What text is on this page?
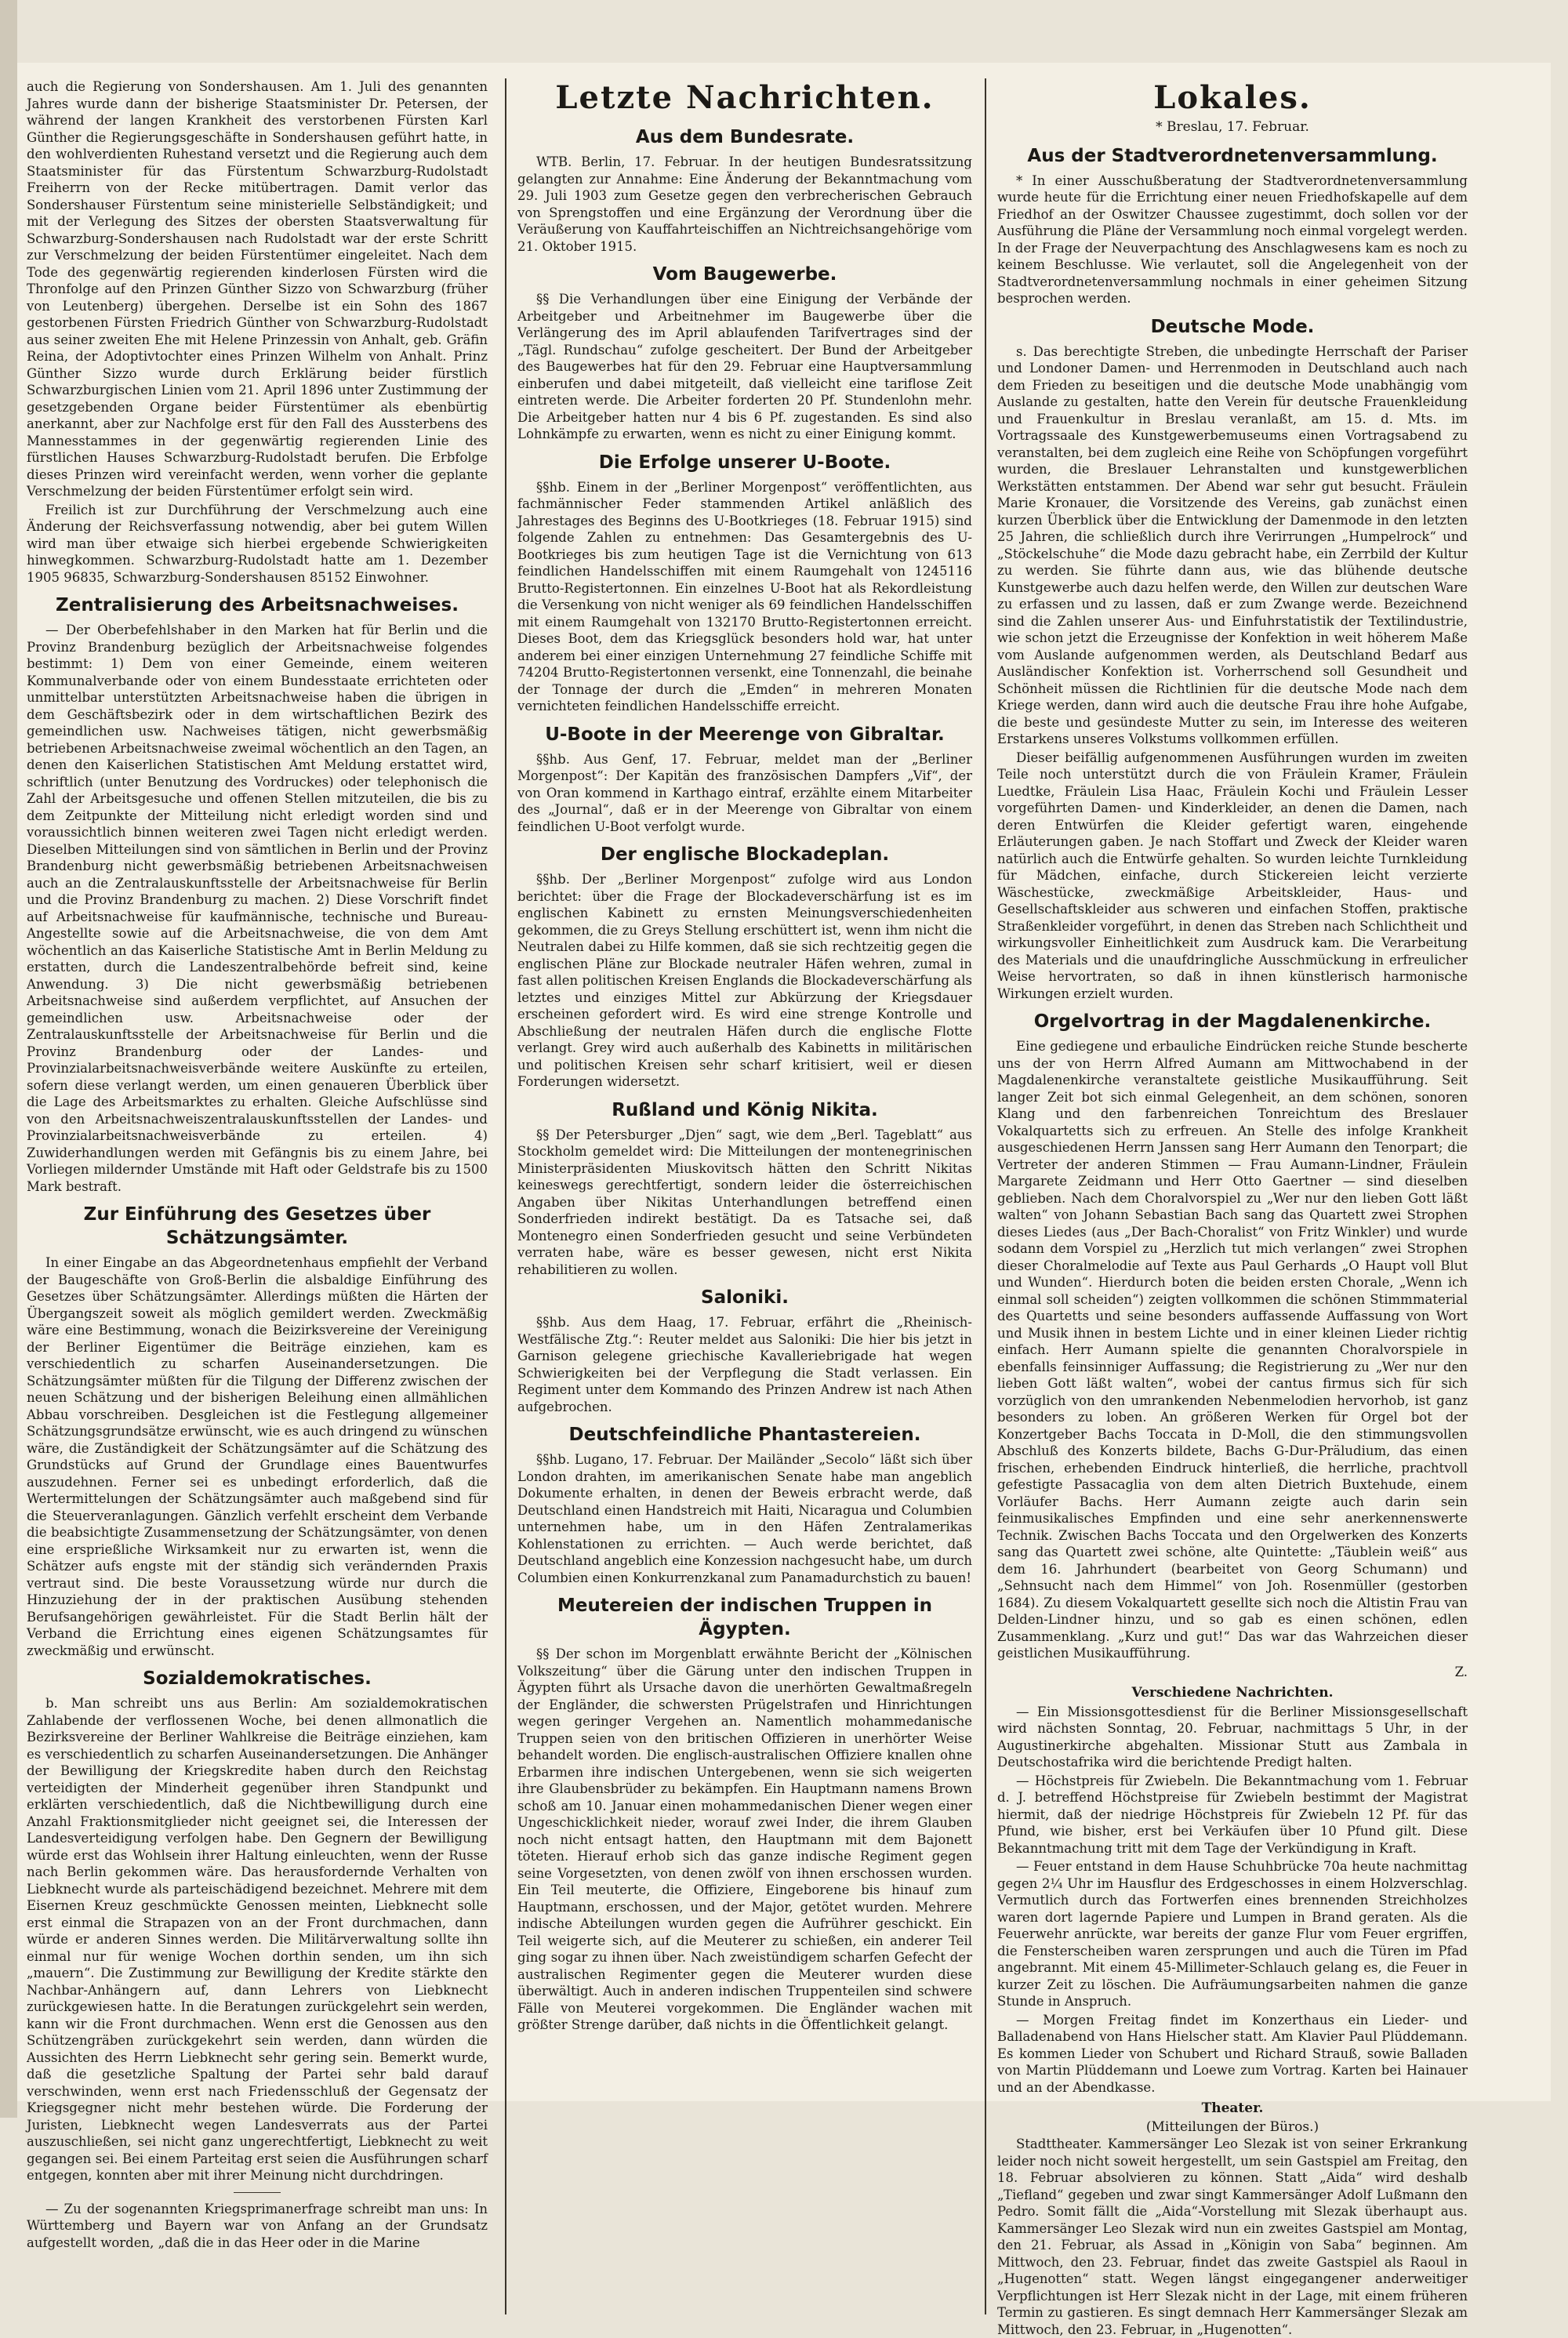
auch die Regierung von Sondershausen. Am 1. Juli des genannten Jahres wurde dann der bisherige Staatsminister Dr. Petersen, der während der langen Krankheit des verstorbenen Fürsten Karl Günther die Regierungsgeschäfte in Sondershausen geführt hatte, in den wohlverdienten Ruhestand versetzt und die Regierung auch dem Staatsminister für das Fürstentum Schwarzburg-Rudolstadt Freiherrn von der Recke mitübertragen. Damit verlor das Sondershauser Fürstentum seine ministerielle Selbständigkeit; und mit der Verlegung des Sitzes der obersten Staatsverwaltung für Schwarzburg-Sondershausen nach Rudolstadt war der erste Schritt zur Verschmelzung der beiden Fürstentümer eingeleitet. Nach dem Tode des gegenwärtig regierenden kinderlosen Fürsten wird die Thronfolge auf den Prinzen Günther Sizzo von Schwarzburg (früher von Leutenberg) übergehen. Derselbe ist ein Sohn des 1867 gestorbenen Fürsten Friedrich Günther von Schwarzburg-Rudolstadt aus seiner zweiten Ehe mit Helene Prinzessin von Anhalt, geb. Gräfin Reina, der Adoptivtochter eines Prinzen Wilhelm von Anhalt. Prinz Günther Sizzo wurde durch Erklärung beider fürstlich Schwarzburgischen Linien vom 21. April 1896 unter Zustimmung der gesetzgebenden Organe beider Fürstentümer als ebenbürtig anerkannt, aber zur Nachfolge erst für den Fall des Aussterbens des Mannesstammes in der gegenwärtig regierenden Linie des fürstlichen Hauses Schwarzburg-Rudolstadt berufen. Die Erbfolge dieses Prinzen wird vereinfacht werden, wenn vorher die geplante Verschmelzung der beiden Fürstentümer erfolgt sein wird.

Freilich ist zur Durchführung der Verschmelzung auch eine Änderung der Reichsverfassung notwendig, aber bei gutem Willen wird man über etwaige sich hierbei ergebende Schwierigkeiten hinwegkommen. Schwarzburg-Rudolstadt hatte am 1. Dezember 1905 96835, Schwarzburg-Sondershausen 85152 Einwohner.

Zentralisierung des Arbeitsnachweises.

— Der Oberbefehlshaber in den Marken hat für Berlin und die Provinz Brandenburg bezüglich der Arbeitsnachweise folgendes bestimmt: 1) Dem von einer Gemeinde, einem weiteren Kommunalverbande oder von einem Bundesstaate errichteten oder unmittelbar unterstützten Arbeitsnachweise haben die übrigen in dem Geschäftsbezirk oder in dem wirtschaftlichen Bezirk des gemeindlichen usw. Nachweises tätigen, nicht gewerbsmäßig betriebenen Arbeitsnachweise zweimal wöchentlich an den Tagen, an denen den Kaiserlichen Statistischen Amt Meldung erstattet wird, schriftlich (unter Benutzung des Vordruckes) oder telephonisch die Zahl der Arbeitsgesuche und offenen Stellen mitzuteilen, die bis zu dem Zeitpunkte der Mitteilung nicht erledigt worden sind und voraussichtlich binnen weiteren zwei Tagen nicht erledigt werden. Dieselben Mitteilungen sind von sämtlichen in Berlin und der Provinz Brandenburg nicht gewerbsmäßig betriebenen Arbeitsnachweisen auch an die Zentralauskunftsstelle der Arbeitsnachweise für Berlin und die Provinz Brandenburg zu machen. 2) Diese Vorschrift findet auf Arbeitsnachweise für kaufmännische, technische und Bureau-Angestellte sowie auf die Arbeitsnachweise, die von dem Amt wöchentlich an das Kaiserliche Statistische Amt in Berlin Meldung zu erstatten, durch die Landeszentralbehörde befreit sind, keine Anwendung. 3) Die nicht gewerbsmäßig betriebenen Arbeitsnachweise sind außerdem verpflichtet, auf Ansuchen der gemeindlichen usw. Arbeitsnachweise oder der Zentralauskunftsstelle der Arbeitsnachweise für Berlin und die Provinz Brandenburg oder der Landes- und Provinzialarbeitsnachweisverbände weitere Auskünfte zu erteilen, sofern diese verlangt werden, um einen genaueren Überblick über die Lage des Arbeitsmarktes zu erhalten. Gleiche Aufschlüsse sind von den Arbeitsnachweiszentralauskunftsstellen der Landes- und Provinzialarbeitsnachweisverbände zu erteilen. 4) Zuwiderhandlungen werden mit Gefängnis bis zu einem Jahre, bei Vorliegen mildernder Umstände mit Haft oder Geldstrafe bis zu 1500 Mark bestraft.

Zur Einführung des Gesetzes über Schätzungsämter.

In einer Eingabe an das Abgeordnetenhaus empfiehlt der Verband der Baugeschäfte von Groß-Berlin die alsbaldige Einführung des Gesetzes über Schätzungsämter. Allerdings müßten die Härten der Übergangszeit soweit als möglich gemildert werden. Zweckmäßig wäre eine Bestimmung, wonach die Beizirksvereine der Vereinigung der Berliner Eigentümer die Beiträge einziehen, kam es verschiedentlich zu scharfen Auseinandersetzungen. Die Schätzungsämter müßten für die Tilgung der Differenz zwischen der neuen Schätzung und der bisherigen Beleihung einen allmählichen Abbau vorschreiben. Desgleichen ist die Festlegung allgemeiner Schätzungsgrundsätze erwünscht, wie es auch dringend zu wünschen wäre, die Zuständigkeit der Schätzungsämter auf die Schätzung des Grundstücks auf Grund der Grundlage eines Bauentwurfes auszudehnen. Ferner sei es unbedingt erforderlich, daß die Wertermittelungen der Schätzungsämter auch maßgebend sind für die Steuerveranlagungen. Gänzlich verfehlt erscheint dem Verbande die beabsichtigte Zusammensetzung der Schätzungsämter, von denen eine ersprießliche Wirksamkeit nur zu erwarten ist, wenn die Schätzer aufs engste mit der ständig sich verändernden Praxis vertraut sind. Die beste Voraussetzung würde nur durch die Hinzuziehung der in der praktischen Ausübung stehenden Berufsangehörigen gewährleistet. Für die Stadt Berlin hält der Verband die Errichtung eines eigenen Schätzungsamtes für zweckmäßig und erwünscht.

Sozialdemokratisches.

b. Man schreibt uns aus Berlin: Am sozialdemokratischen Zahlabende der verflossenen Woche, bei denen allmonatlich die Bezirksvereine der Berliner Wahlkreise die Beiträge einziehen, kam es verschiedentlich zu scharfen Auseinandersetzungen. Die Anhänger der Bewilligung der Kriegskredite haben durch den Reichstag verteidigten der Minderheit gegenüber ihren Standpunkt und erklärten verschiedentlich, daß die Nichtbewilligung durch eine Anzahl Fraktionsmitglieder nicht geeignet sei, die Interessen der Landesverteidigung verfolgen habe. Den Gegnern der Bewilligung würde erst das Wohlsein ihrer Haltung einleuchten, wenn der Russe nach Berlin gekommen wäre. Das herausfordernde Verhalten von Liebknecht wurde als parteischädigend bezeichnet. Mehrere mit dem Eisernen Kreuz geschmückte Genossen meinten, Liebknecht solle erst einmal die Strapazen von an der Front durchmachen, dann würde er anderen Sinnes werden. Die Militärverwaltung sollte ihn einmal nur für wenige Wochen dorthin senden, um ihn sich „mauern“. Die Zustimmung zur Bewilligung der Kredite stärkte den Nachbar-Anhängern auf, dann Lehrers von Liebknecht zurückgewiesen hatte. In die Beratungen zurückgelehrt sein werden, kann wir die Front durchmachen. Wenn erst die Genossen aus den Schützengräben zurückgekehrt sein werden, dann würden die Aussichten des Herrn Liebknecht sehr gering sein. Bemerkt wurde, daß die gesetzliche Spaltung der Partei sehr bald darauf verschwinden, wenn erst nach Friedensschluß der Gegensatz der Kriegsgegner nicht mehr bestehen würde. Die Forderung der Juristen, Liebknecht wegen Landesverrats aus der Partei auszuschließen, sei nicht ganz ungerechtfertigt, Liebknecht zu weit gegangen sei. Bei einem Parteitag erst seien die Ausführungen scharf entgegen, konnten aber mit ihrer Meinung nicht durchdringen.

— Zu der sogenannten Kriegsprimanerfrage schreibt man uns: In Württemberg und Bayern war von Anfang an der Grundsatz aufgestellt worden, „daß die in das Heer oder in die Marine

Letzte Nachrichten.
Aus dem Bundesrate.

WTB. Berlin, 17. Februar. In der heutigen Bundesratssitzung gelangten zur Annahme: Eine Änderung der Bekanntmachung vom 29. Juli 1903 zum Gesetze gegen den verbrecherischen Gebrauch von Sprengstoffen und eine Ergänzung der Verordnung über die Veräußerung von Kauffahrteischiffen an Nichtreichsangehörige vom 21. Oktober 1915.

Vom Baugewerbe.

§§ Die Verhandlungen über eine Einigung der Verbände der Arbeitgeber und Arbeitnehmer im Baugewerbe über die Verlängerung des im April ablaufenden Tarifvertrages sind der „Tägl. Rundschau“ zufolge gescheitert. Der Bund der Arbeitgeber des Baugewerbes hat für den 29. Februar eine Hauptversammlung einberufen und dabei mitgeteilt, daß vielleicht eine tariflose Zeit eintreten werde. Die Arbeiter forderten 20 Pf. Stundenlohn mehr. Die Arbeitgeber hatten nur 4 bis 6 Pf. zugestanden. Es sind also Lohnkämpfe zu erwarten, wenn es nicht zu einer Einigung kommt.

Die Erfolge unserer U-Boote.

§§hb. Einem in der „Berliner Morgenpost“ veröffentlichten, aus fachmännischer Feder stammenden Artikel anläßlich des Jahrestages des Beginns des U-Bootkrieges (18. Februar 1915) sind folgende Zahlen zu entnehmen: Das Gesamtergebnis des U-Bootkrieges bis zum heutigen Tage ist die Vernichtung von 613 feindlichen Handelsschiffen mit einem Raumgehalt von 1245116 Brutto-Registertonnen. Ein einzelnes U-Boot hat als Rekordleistung die Versenkung von nicht weniger als 69 feindlichen Handelsschiffen mit einem Raumgehalt von 132170 Brutto-Registertonnen erreicht. Dieses Boot, dem das Kriegsglück besonders hold war, hat unter anderem bei einer einzigen Unternehmung 27 feindliche Schiffe mit 74204 Brutto-Registertonnen versenkt, eine Tonnenzahl, die beinahe der Tonnage der durch die „Emden“ in mehreren Monaten vernichteten feindlichen Handelsschiffe erreicht.

U-Boote in der Meerenge von Gibraltar.

§§hb. Aus Genf, 17. Februar, meldet man der „Berliner Morgenpost“: Der Kapitän des französischen Dampfers „Vif“, der von Oran kommend in Karthago eintraf, erzählte einem Mitarbeiter des „Journal“, daß er in der Meerenge von Gibraltar von einem feindlichen U-Boot verfolgt wurde.

Der englische Blockadeplan.

§§hb. Der „Berliner Morgenpost“ zufolge wird aus London berichtet: über die Frage der Blockadeverschärfung ist es im englischen Kabinett zu ernsten Meinungsverschiedenheiten gekommen, die zu Greys Stellung erschüttert ist, wenn ihm nicht die Neutralen dabei zu Hilfe kommen, daß sie sich rechtzeitig gegen die englischen Pläne zur Blockade neutraler Häfen wehren, zumal in fast allen politischen Kreisen Englands die Blockadeverschärfung als letztes und einziges Mittel zur Abkürzung der Kriegsdauer erscheinen gefordert wird. Es wird eine strenge Kontrolle und Abschließung der neutralen Häfen durch die englische Flotte verlangt. Grey wird auch außerhalb des Kabinetts in militärischen und politischen Kreisen sehr scharf kritisiert, weil er diesen Forderungen widersetzt.

Rußland und König Nikita.

§§ Der Petersburger „Djen“ sagt, wie dem „Berl. Tageblatt“ aus Stockholm gemeldet wird: Die Mitteilungen der montenegrinischen Ministerpräsidenten Miuskovitsch hätten den Schritt Nikitas keineswegs gerechtfertigt, sondern leider die österreichischen Angaben über Nikitas Unterhandlungen betreffend einen Sonderfrieden indirekt bestätigt. Da es Tatsache sei, daß Montenegro einen Sonderfrieden gesucht und seine Verbündeten verraten habe, wäre es besser gewesen, nicht erst Nikita rehabilitieren zu wollen.

Saloniki.

§§hb. Aus dem Haag, 17. Februar, erfährt die „Rheinisch-Westfälische Ztg.“: Reuter meldet aus Saloniki: Die hier bis jetzt in Garnison gelegene griechische Kavalleriebrigade hat wegen Schwierigkeiten bei der Verpflegung die Stadt verlassen. Ein Regiment unter dem Kommando des Prinzen Andrew ist nach Athen aufgebrochen.

Deutschfeindliche Phantastereien.

§§hb. Lugano, 17. Februar. Der Mailänder „Secolo“ läßt sich über London drahten, im amerikanischen Senate habe man angeblich Dokumente erhalten, in denen der Beweis erbracht werde, daß Deutschland einen Handstreich mit Haiti, Nicaragua und Columbien unternehmen habe, um in den Häfen Zentralamerikas Kohlenstationen zu errichten. — Auch werde berichtet, daß Deutschland angeblich eine Konzession nachgesucht habe, um durch Columbien einen Konkurrenzkanal zum Panamadurchstich zu bauen!

Meutereien der indischen Truppen in Ägypten.

§§ Der schon im Morgenblatt erwähnte Bericht der „Kölnischen Volkszeitung“ über die Gärung unter den indischen Truppen in Ägypten führt als Ursache davon die unerhörten Gewaltmaßregeln der Engländer, die schwersten Prügelstrafen und Hinrichtungen wegen geringer Vergehen an. Namentlich mohammedanische Truppen seien von den britischen Offizieren in unerhörter Weise behandelt worden. Die englisch-australischen Offiziere knallen ohne Erbarmen ihre indischen Untergebenen, wenn sie sich weigerten ihre Glaubensbrüder zu bekämpfen. Ein Hauptmann namens Brown schoß am 10. Januar einen mohammedanischen Diener wegen einer Ungeschicklichkeit nieder, worauf zwei Inder, die ihrem Glauben noch nicht entsagt hatten, den Hauptmann mit dem Bajonett töteten. Hierauf erhob sich das ganze indische Regiment gegen seine Vorgesetzten, von denen zwölf von ihnen erschossen wurden. Ein Teil meuterte, die Offiziere, Eingeborene bis hinauf zum Hauptmann, erschossen, und der Major, getötet wurden. Mehrere indische Abteilungen wurden gegen die Aufrührer geschickt. Ein Teil weigerte sich, auf die Meuterer zu schießen, ein anderer Teil ging sogar zu ihnen über. Nach zweistündigem scharfen Gefecht der australischen Regimenter gegen die Meuterer wurden diese überwältigt. Auch in anderen indischen Truppenteilen sind schwere Fälle von Meuterei vorgekommen. Die Engländer wachen mit größter Strenge darüber, daß nichts in die Öffentlichkeit gelangt.

Lokales.
* Breslau, 17. Februar.
Aus der Stadtverordnetenversammlung.

* In einer Ausschußberatung der Stadtverordnetenversammlung wurde heute für die Errichtung einer neuen Friedhofskapelle auf dem Friedhof an der Oswitzer Chaussee zugestimmt, doch sollen vor der Ausführung die Pläne der Versammlung noch einmal vorgelegt werden. In der Frage der Neuverpachtung des Anschlagwesens kam es noch zu keinem Beschlusse. Wie verlautet, soll die Angelegenheit von der Stadtverordnetenversammlung nochmals in einer geheimen Sitzung besprochen werden.

Deutsche Mode.

s. Das berechtigte Streben, die unbedingte Herrschaft der Pariser und Londoner Damen- und Herrenmoden in Deutschland auch nach dem Frieden zu beseitigen und die deutsche Mode unabhängig vom Auslande zu gestalten, hatte den Verein für deutsche Frauenkleidung und Frauenkultur in Breslau veranlaßt, am 15. d. Mts. im Vortragssaale des Kunstgewerbemuseums einen Vortragsabend zu veranstalten, bei dem zugleich eine Reihe von Schöpfungen vorgeführt wurden, die Breslauer Lehranstalten und kunstgewerblichen Werkstätten entstammen. Der Abend war sehr gut besucht. Fräulein Marie Kronauer, die Vorsitzende des Vereins, gab zunächst einen kurzen Überblick über die Entwicklung der Damenmode in den letzten 25 Jahren, die schließlich durch ihre Verirrungen „Humpelrock“ und „Stöckelschuhe“ die Mode dazu gebracht habe, ein Zerrbild der Kultur zu werden. Sie führte dann aus, wie das blühende deutsche Kunstgewerbe auch dazu helfen werde, den Willen zur deutschen Ware zu erfassen und zu lassen, daß er zum Zwange werde. Bezeichnend sind die Zahlen unserer Aus- und Einfuhrstatistik der Textilindustrie, wie schon jetzt die Erzeugnisse der Konfektion in weit höherem Maße vom Auslande aufgenommen werden, als Deutschland Bedarf aus Ausländischer Konfektion ist. Vorherrschend soll Gesundheit und Schönheit müssen die Richtlinien für die deutsche Mode nach dem Kriege werden, dann wird auch die deutsche Frau ihre hohe Aufgabe, die beste und gesündeste Mutter zu sein, im Interesse des weiteren Erstarkens unseres Volkstums vollkommen erfüllen.

Dieser beifällig aufgenommenen Ausführungen wurden im zweiten Teile noch unterstützt durch die von Fräulein Kramer, Fräulein Luedtke, Fräulein Lisa Haac, Fräulein Kochi und Fräulein Lesser vorgeführten Damen- und Kinderkleider, an denen die Damen, nach deren Entwürfen die Kleider gefertigt waren, eingehende Erläuterungen gaben. Je nach Stoffart und Zweck der Kleider waren natürlich auch die Entwürfe gehalten. So wurden leichte Turnkleidung für Mädchen, einfache, durch Stickereien leicht verzierte Wäschestücke, zweckmäßige Arbeitskleider, Haus- und Gesellschaftskleider aus schweren und einfachen Stoffen, praktische Straßenkleider vorgeführt, in denen das Streben nach Schlichtheit und wirkungsvoller Einheitlichkeit zum Ausdruck kam. Die Verarbeitung des Materials und die unaufdringliche Ausschmückung in erfreulicher Weise hervortraten, so daß in ihnen künstlerisch harmonische Wirkungen erzielt wurden.

Orgelvortrag in der Magdalenenkirche.

Eine gediegene und erbauliche Eindrücken reiche Stunde bescherte uns der von Herrn Alfred Aumann am Mittwochabend in der Magdalenenkirche veranstaltete geistliche Musikaufführung. Seit langer Zeit bot sich einmal Gelegenheit, an dem schönen, sonoren Klang und den farbenreichen Tonreichtum des Breslauer Vokalquartetts sich zu erfreuen. An Stelle des infolge Krankheit ausgeschiedenen Herrn Janssen sang Herr Aumann den Tenorpart; die Vertreter der anderen Stimmen — Frau Aumann-Lindner, Fräulein Margarete Zeidmann und Herr Otto Gaertner — sind dieselben geblieben. Nach dem Choralvorspiel zu „Wer nur den lieben Gott läßt walten“ von Johann Sebastian Bach sang das Quartett zwei Strophen dieses Liedes (aus „Der Bach-Choralist“ von Fritz Winkler) und wurde sodann dem Vorspiel zu „Herzlich tut mich verlangen“ zwei Strophen dieser Choralmelodie auf Texte aus Paul Gerhards „O Haupt voll Blut und Wunden“. Hierdurch boten die beiden ersten Chorale, „Wenn ich einmal soll scheiden“) zeigten vollkommen die schönen Stimmmaterial des Quartetts und seine besonders auffassende Auffassung von Wort und Musik ihnen in bestem Lichte und in einer kleinen Lieder richtig einfach. Herr Aumann spielte die genannten Choralvorspiele in ebenfalls feinsinniger Auffassung; die Registrierung zu „Wer nur den lieben Gott läßt walten“, wobei der cantus firmus sich für sich vorzüglich von den umrankenden Nebenmelodien hervorhob, ist ganz besonders zu loben. An größeren Werken für Orgel bot der Konzertgeber Bachs Toccata in D-Moll, die den stimmungsvollen Abschluß des Konzerts bildete, Bachs G-Dur-Präludium, das einen frischen, erhebenden Eindruck hinterließ, die herrliche, prachtvoll gefestigte Passacaglia von dem alten Dietrich Buxtehude, einem Vorläufer Bachs. Herr Aumann zeigte auch darin sein feinmusikalisches Empfinden und eine sehr anerkennenswerte Technik. Zwischen Bachs Toccata und den Orgelwerken des Konzerts sang das Quartett zwei schöne, alte Quintette: „Täublein weiß“ aus dem 16. Jahrhundert (bearbeitet von Georg Schumann) und „Sehnsucht nach dem Himmel“ von Joh. Rosenmüller (gestorben 1684). Zu diesem Vokalquartett gesellte sich noch die Altistin Frau van Delden-Lindner hinzu, und so gab es einen schönen, edlen Zusammenklang. „Kurz und gut!“ Das war das Wahrzeichen dieser geistlichen Musikaufführung.

Z.

Verschiedene Nachrichten.

— Ein Missionsgottesdienst für die Berliner Missionsgesellschaft wird nächsten Sonntag, 20. Februar, nachmittags 5 Uhr, in der Augustinerkirche abgehalten. Missionar Stutt aus Zambala in Deutschostafrika wird die berichtende Predigt halten.

— Höchstpreis für Zwiebeln. Die Bekanntmachung vom 1. Februar d. J. betreffend Höchstpreise für Zwiebeln bestimmt der Magistrat hiermit, daß der niedrige Höchstpreis für Zwiebeln 12 Pf. für das Pfund, wie bisher, erst bei Verkäufen über 10 Pfund gilt. Diese Bekanntmachung tritt mit dem Tage der Verkündigung in Kraft.

— Feuer entstand in dem Hause Schuhbrücke 70a heute nachmittag gegen 2¼ Uhr im Hausflur des Erdgeschosses in einem Holzverschlag. Vermutlich durch das Fortwerfen eines brennenden Streichholzes waren dort lagernde Papiere und Lumpen in Brand geraten. Als die Feuerwehr anrückte, war bereits der ganze Flur vom Feuer ergriffen, die Fensterscheiben waren zersprungen und auch die Türen im Pfad angebrannt. Mit einem 45-Millimeter-Schlauch gelang es, die Feuer in kurzer Zeit zu löschen. Die Aufräumungsarbeiten nahmen die ganze Stunde in Anspruch.

— Morgen Freitag findet im Konzerthaus ein Lieder- und Balladenabend von Hans Hielscher statt. Am Klavier Paul Plüddemann. Es kommen Lieder von Schubert und Richard Strauß, sowie Balladen von Martin Plüddemann und Loewe zum Vortrag. Karten bei Hainauer und an der Abendkasse.

Theater.
(Mitteilungen der Büros.)

Stadttheater. Kammersänger Leo Slezak ist von seiner Erkrankung leider noch nicht soweit hergestellt, um sein Gastspiel am Freitag, den 18. Februar absolvieren zu können. Statt „Aida“ wird deshalb „Tiefland“ gegeben und zwar singt Kammersänger Adolf Lußmann den Pedro. Somit fällt die „Aida“-Vorstellung mit Slezak überhaupt aus. Kammersänger Leo Slezak wird nun ein zweites Gastspiel am Montag, den 21. Februar, als Assad in „Königin von Saba“ beginnen. Am Mittwoch, den 23. Februar, findet das zweite Gastspiel als Raoul in „Hugenotten“ statt. Wegen längst eingegangener anderweitiger Verpflichtungen ist Herr Slezak nicht in der Lage, mit einem früheren Termin zu gastieren. Es singt demnach Herr Kammersänger Slezak am Mittwoch, den 23. Februar, in „Hugenotten“.
